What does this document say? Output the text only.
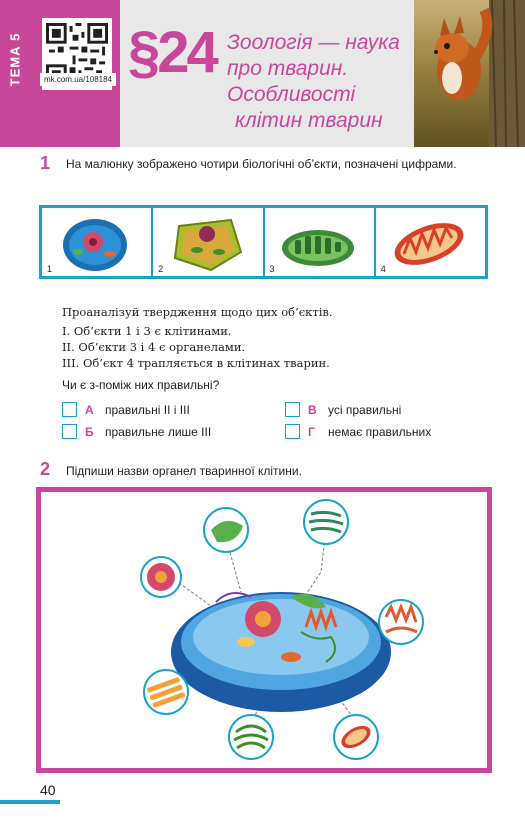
ТЕМА 5	mk.com.ua/108184 §24 Зоологія — наука
про тварин.
Особливості
клітин тварин
1 На малюнку зображено чотири біологічні об’єкти, позначені цифрами.
1	2	3	4
Проаналізуй твердження щодо цих об’єктів.
I. Об’єкти 1 і 3 є клітинами.
II. Об’єкти 3 і 4 є органелами.
III. Об’єкт 4 трапляється в клітинах тварин.
Чи є з-поміж них правильні?
А правильні II і III
Б правильне лише III
В усі правильні
Г	немає правильних
2 Підпиши назви органел тваринної клітини.
40
